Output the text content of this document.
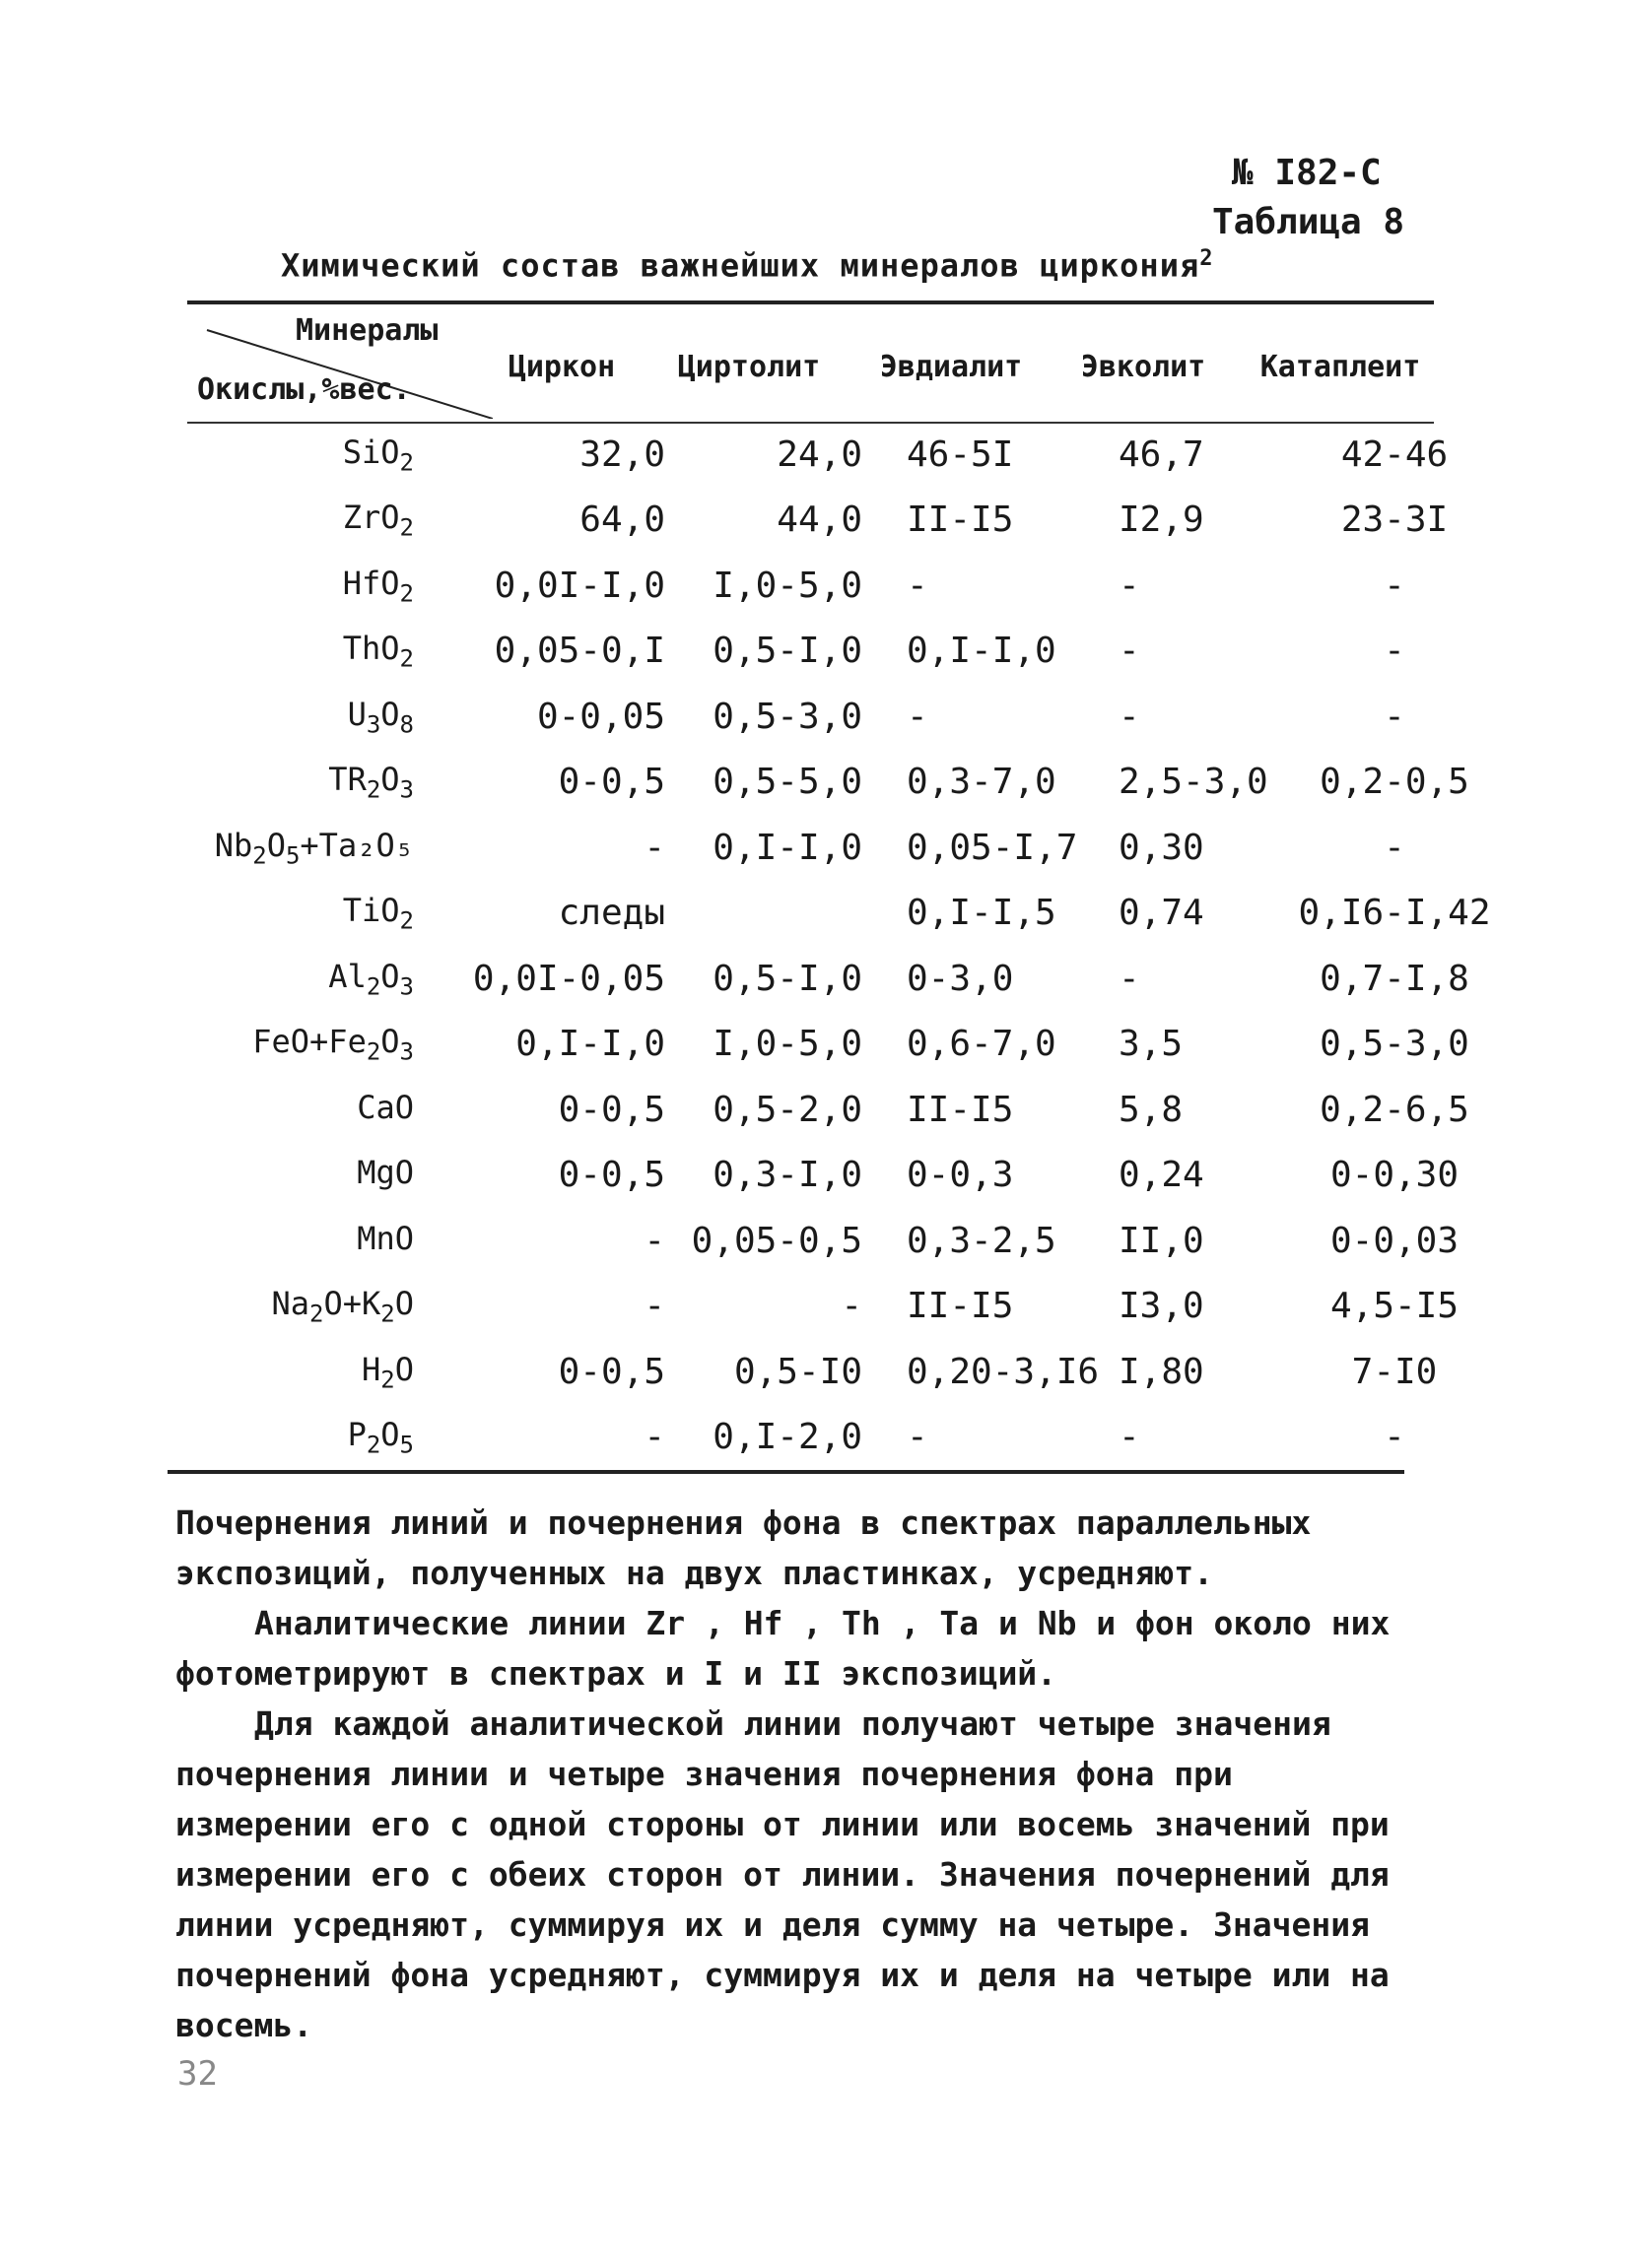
№ I82-С
Таблица 8
Химический состав важнейших минералов циркония$^2$
Минералы
Окислы,%вес.
Циркон	Циртолит	Эвдиалит	Эвколит	Катаплеит
SiO$_2$	32,0	24,0	46-5I	46,7	42-46
ZrO$_2$	64,0	44,0	II-I5	I2,9	23-3I
HfO$_2$	0,0I-I,0	I,0-5,0	-	-	-
ThO$_2$	0,05-0,I	0,5-I,0	0,I-I,0	-	-
$U_3O_8$	0-0,05	0,5-3,0	-	-	-
$TR_2O_3$	0-0,5	0,5-5,0	0,3-7,0	2,5-3,0	0,2-0,5
$Nb_2O_5+Ta_2O_5$	-	0,I-I,0	0,05-I,7	0,30	-
TiO$_2$	следы		0,I-I,5	0,74	0,I6-I,42
$Al_2O_3$	0,0I-0,05	0,5-I,0	0-3,0	-	0,7-I,8
$FeO+Fe_2O_3$	0,I-I,0	I,0-5,0	0,6-7,0	3,5	0,5-3,0
CaO	0-0,5	0,5-2,0	II-I5	5,8	0,2-6,5
MgO	0-0,5	0,3-I,0	0-0,3	0,24	0-0,30
MnO	-	0,05-0,5	0,3-2,5	II,0	0-0,03
$Na_2O+K_2O$	-	-	II-I5	I3,0	4,5-I5
$H_2O$	0-0,5	0,5-I0	0,20-3,I6	I,80	7-I0
$P_2O_5$	-	0,I-2,0	-	-	-

Почернения линий и почернения фона в спектрах параллельных экспозиций, полученных на двух пластинках, усредняют.

Аналитические линии Zr , Hf , Th , Ta и Nb и фон около них фотометрируют в спектрах и I и II экспозиций.

Для каждой аналитической линии получают четыре значения почернения линии и четыре значения почернения фона при измерении его с одной стороны от линии или восемь значений при измерении его с обеих сторон от линии. Значения почернений для линии усредняют, суммируя их и деля сумму на четыре. Значения почернений фона усредняют, суммируя их и деля на четыре или на восемь.

32
